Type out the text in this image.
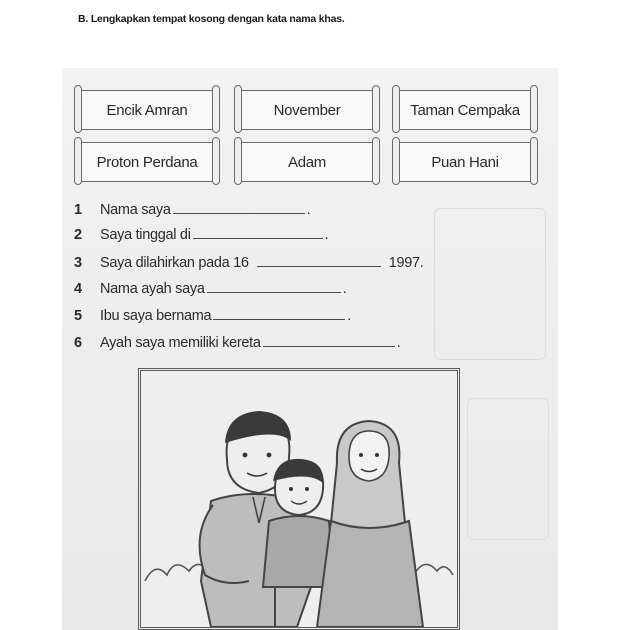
B. Lengkapkan tempat kosong dengan kata nama khas.
Encik Amran	November	Taman Cempaka
Proton Perdana	Adam	Puan Hani
1 Nama saya	.
2 Saya tinggal di	.
3 Saya dilahirkan pada 16	1997.
4 Nama ayah saya	.
5 Ibu saya bernama	.
6 Ayah saya memiliki kereta	.
